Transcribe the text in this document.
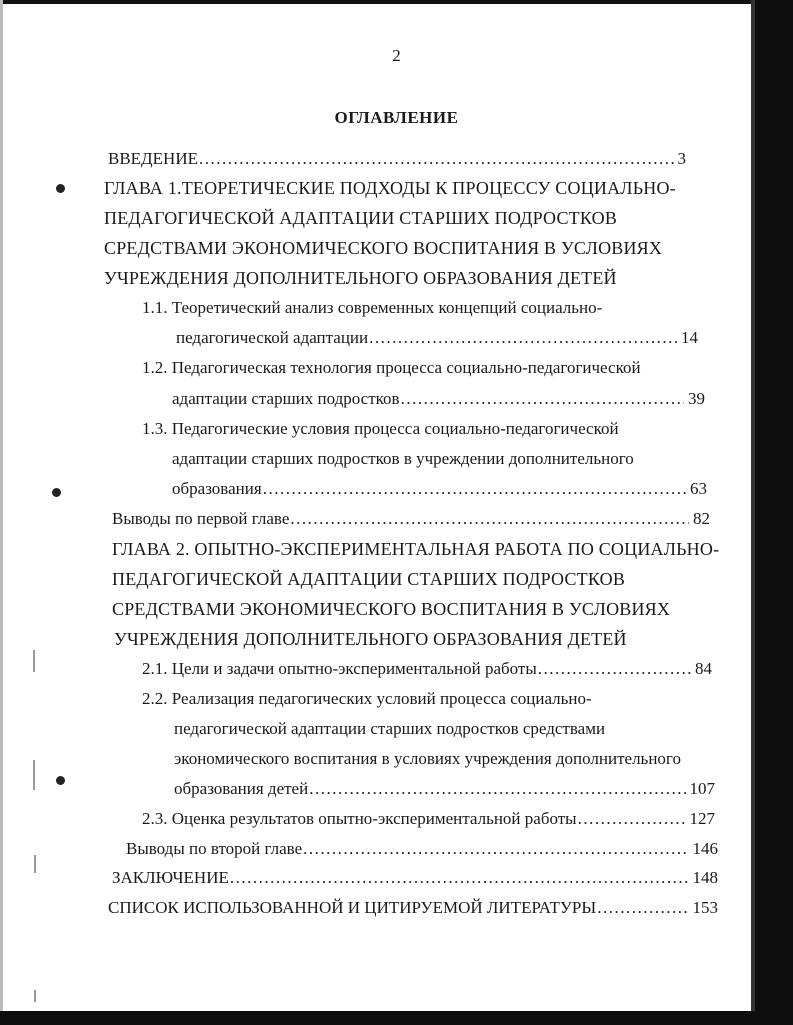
2
ОГЛАВЛЕНИЕ
ВВЕДЕНИЕ .....	3
ГЛАВА 1.ТЕОРЕТИЧЕСКИЕ ПОДХОДЫ К ПРОЦЕССУ СОЦИАЛЬНО-
ПЕДАГОГИЧЕСКОЙ АДАПТАЦИИ СТАРШИХ ПОДРОСТКОВ
СРЕДСТВАМИ ЭКОНОМИЧЕСКОГО ВОСПИТАНИЯ В УСЛОВИЯХ
УЧРЕЖДЕНИЯ ДОПОЛНИТЕЛЬНОГО ОБРАЗОВАНИЯ ДЕТЕЙ
1.1. Теоретический анализ современных концепций социально-
педагогической адаптации .....	14
1.2. Педагогическая технология процесса социально-педагогической
адаптации старших подростков .....	39
1.3. Педагогические условия процесса социально-педагогической
адаптации старших подростков в учреждении дополнительного
образования .....	63
Выводы по первой главе .....	82
ГЛАВА 2. ОПЫТНО-ЭКСПЕРИМЕНТАЛЬНАЯ РАБОТА ПО СОЦИАЛЬНО-
ПЕДАГОГИЧЕСКОЙ АДАПТАЦИИ СТАРШИХ ПОДРОСТКОВ
СРЕДСТВАМИ ЭКОНОМИЧЕСКОГО ВОСПИТАНИЯ В УСЛОВИЯХ
УЧРЕЖДЕНИЯ ДОПОЛНИТЕЛЬНОГО ОБРАЗОВАНИЯ ДЕТЕЙ
2.1. Цели и задачи опытно-экспериментальной работы .....	84
2.2. Реализация педагогических условий процесса социально-
педагогической адаптации старших подростков средствами
экономического воспитания в условиях учреждения дополнительного
образования детей .....	107
2.3. Оценка результатов опытно-экспериментальной работы .....	127
Выводы по второй главе .....	146
ЗАКЛЮЧЕНИЕ .....	148
СПИСОК ИСПОЛЬЗОВАННОЙ И ЦИТИРУЕМОЙ ЛИТЕРАТУРЫ .....	153
